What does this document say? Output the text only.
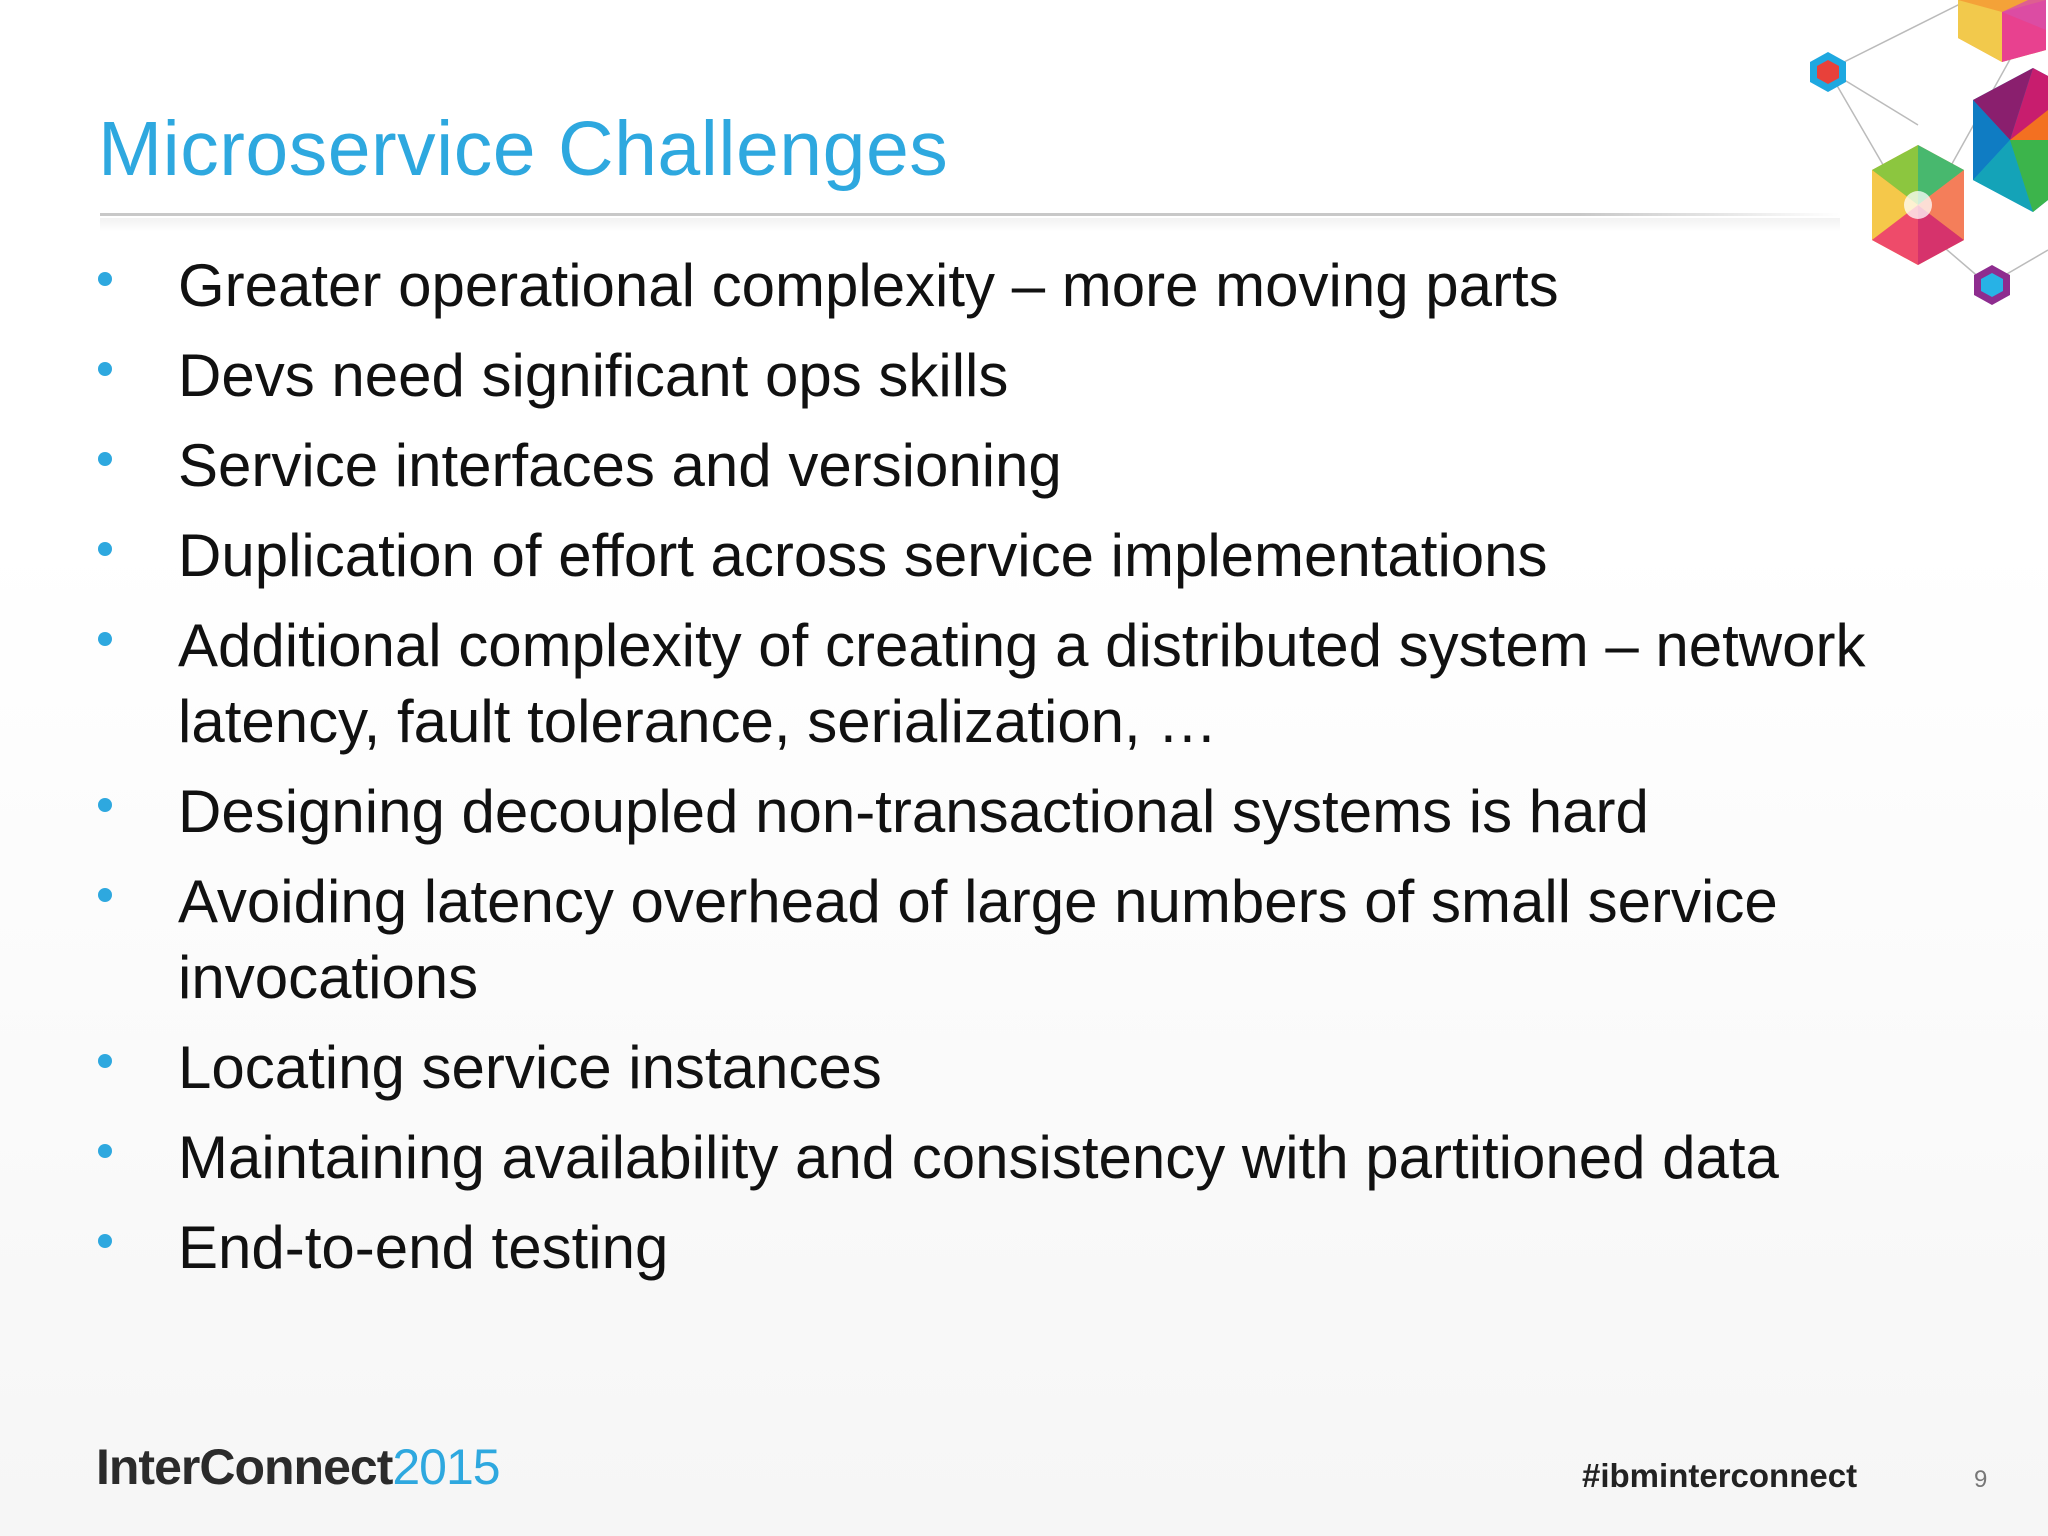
Microservice Challenges
Greater operational complexity – more moving parts
Devs need significant ops skills
Service interfaces and versioning
Duplication of effort across service implementations
Additional complexity of creating a distributed system – network latency, fault tolerance, serialization, …
Designing decoupled non-transactional systems is hard
Avoiding latency overhead of large numbers of small service invocations
Locating service instances
Maintaining availability and consistency with partitioned data
End-to-end testing
InterConnect2015	#ibminterconnect	9
